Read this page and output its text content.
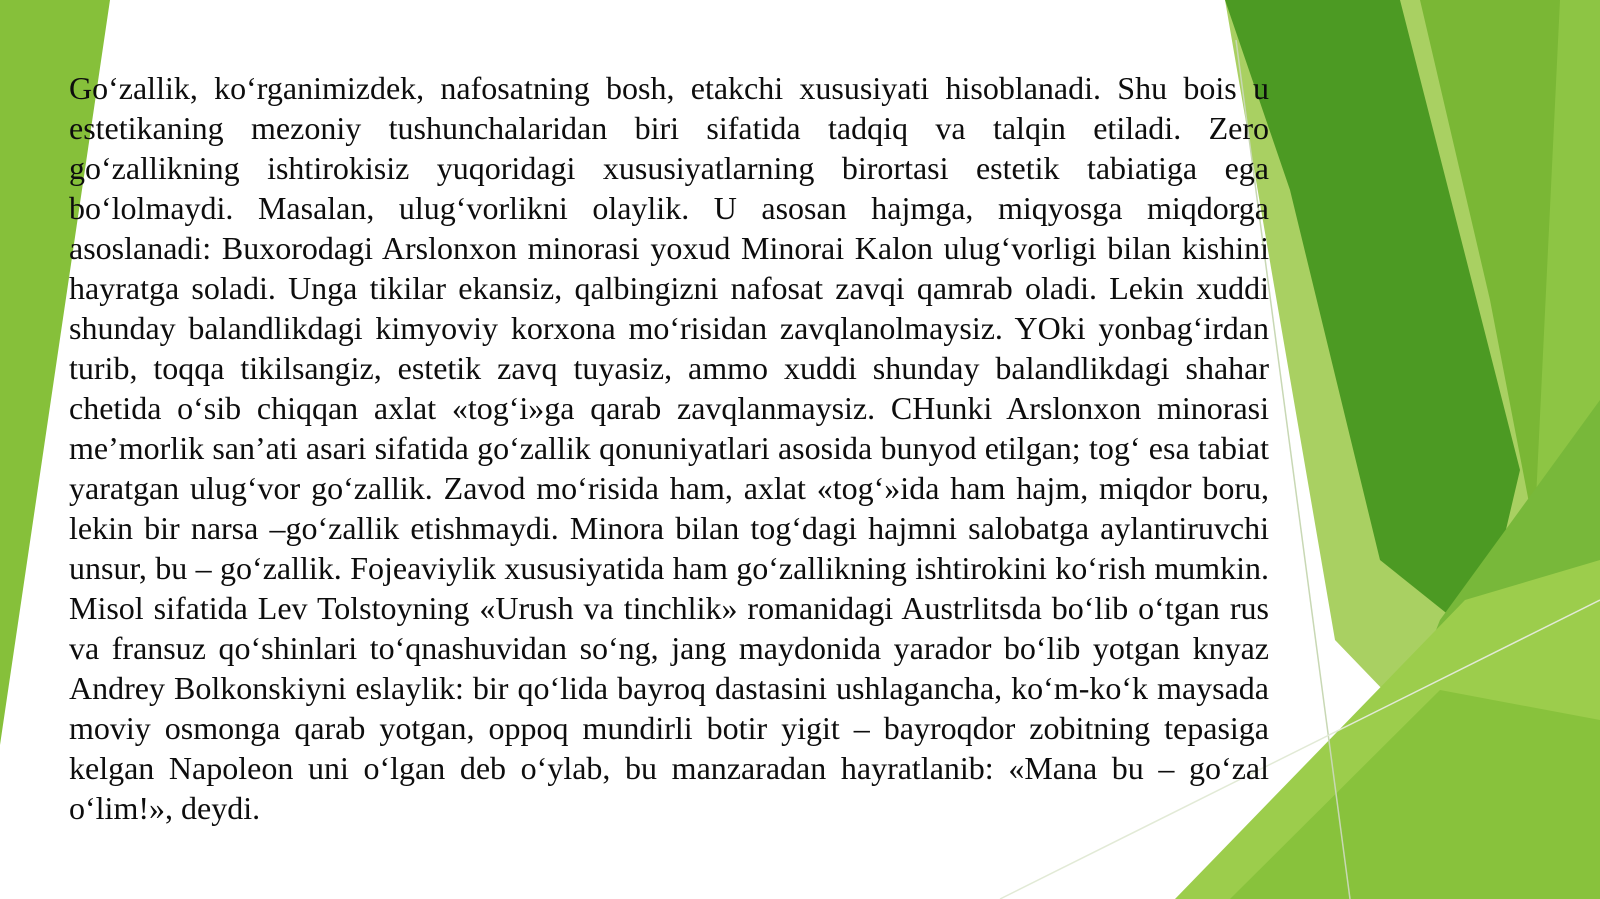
Go‘zallik, ko‘rganimizdek, nafosatning bosh, etakchi xususiyati hisoblanadi. Shu bois u estetikaning mezoniy tushunchalaridan biri sifatida tadqiq va talqin etiladi. Zero go‘zallikning ishtirokisiz yuqoridagi xususiyatlarning birortasi estetik tabiatiga ega bo‘lolmaydi. Masalan, ulug‘vorlikni olaylik. U asosan hajmga, miqyosga miqdorga asoslanadi: Buxorodagi Arslonxon minorasi yoxud Minorai Kalon ulug‘vorligi bilan kishini hayratga soladi. Unga tikilar ekansiz, qalbingizni nafosat zavqi qamrab oladi. Lekin xuddi shunday balandlikdagi kimyoviy korxona mo‘risidan zavqlanolmaysiz. YOki yonbag‘irdan turib, toqqa tikilsangiz, estetik zavq tuyasiz, ammo xuddi shunday balandlikdagi shahar chetida o‘sib chiqqan axlat «tog‘i»ga qarab zavqlanmaysiz. CHunki Arslonxon minorasi me’morlik san’ati asari sifatida go‘zallik qonuniyatlari asosida bunyod etilgan; tog‘ esa tabiat yaratgan ulug‘vor go‘zallik. Zavod mo‘risida ham, axlat «tog‘»ida ham hajm, miqdor boru, lekin bir narsa –go‘zallik etishmaydi. Minora bilan tog‘dagi hajmni salobatga aylantiruvchi unsur, bu – go‘zallik. Fojeaviylik xususiyatida ham go‘zallikning ishtirokini ko‘rish mumkin. Misol sifatida Lev Tolstoyning «Urush va tinchlik» romanidagi Austrlitsda bo‘lib o‘tgan rus va fransuz qo‘shinlari to‘qnashuvidan so‘ng, jang maydonida yarador bo‘lib yotgan knyaz Andrey Bolkonskiyni eslaylik: bir qo‘lida bayroq dastasini ushlagancha, ko‘m-ko‘k maysada moviy osmonga qarab yotgan, oppoq mundirli botir yigit – bayroqdor zobitning tepasiga kelgan Napoleon uni o‘lgan deb o‘ylab, bu manzaradan hayratlanib: «Mana bu – go‘zal o‘lim!», deydi.
